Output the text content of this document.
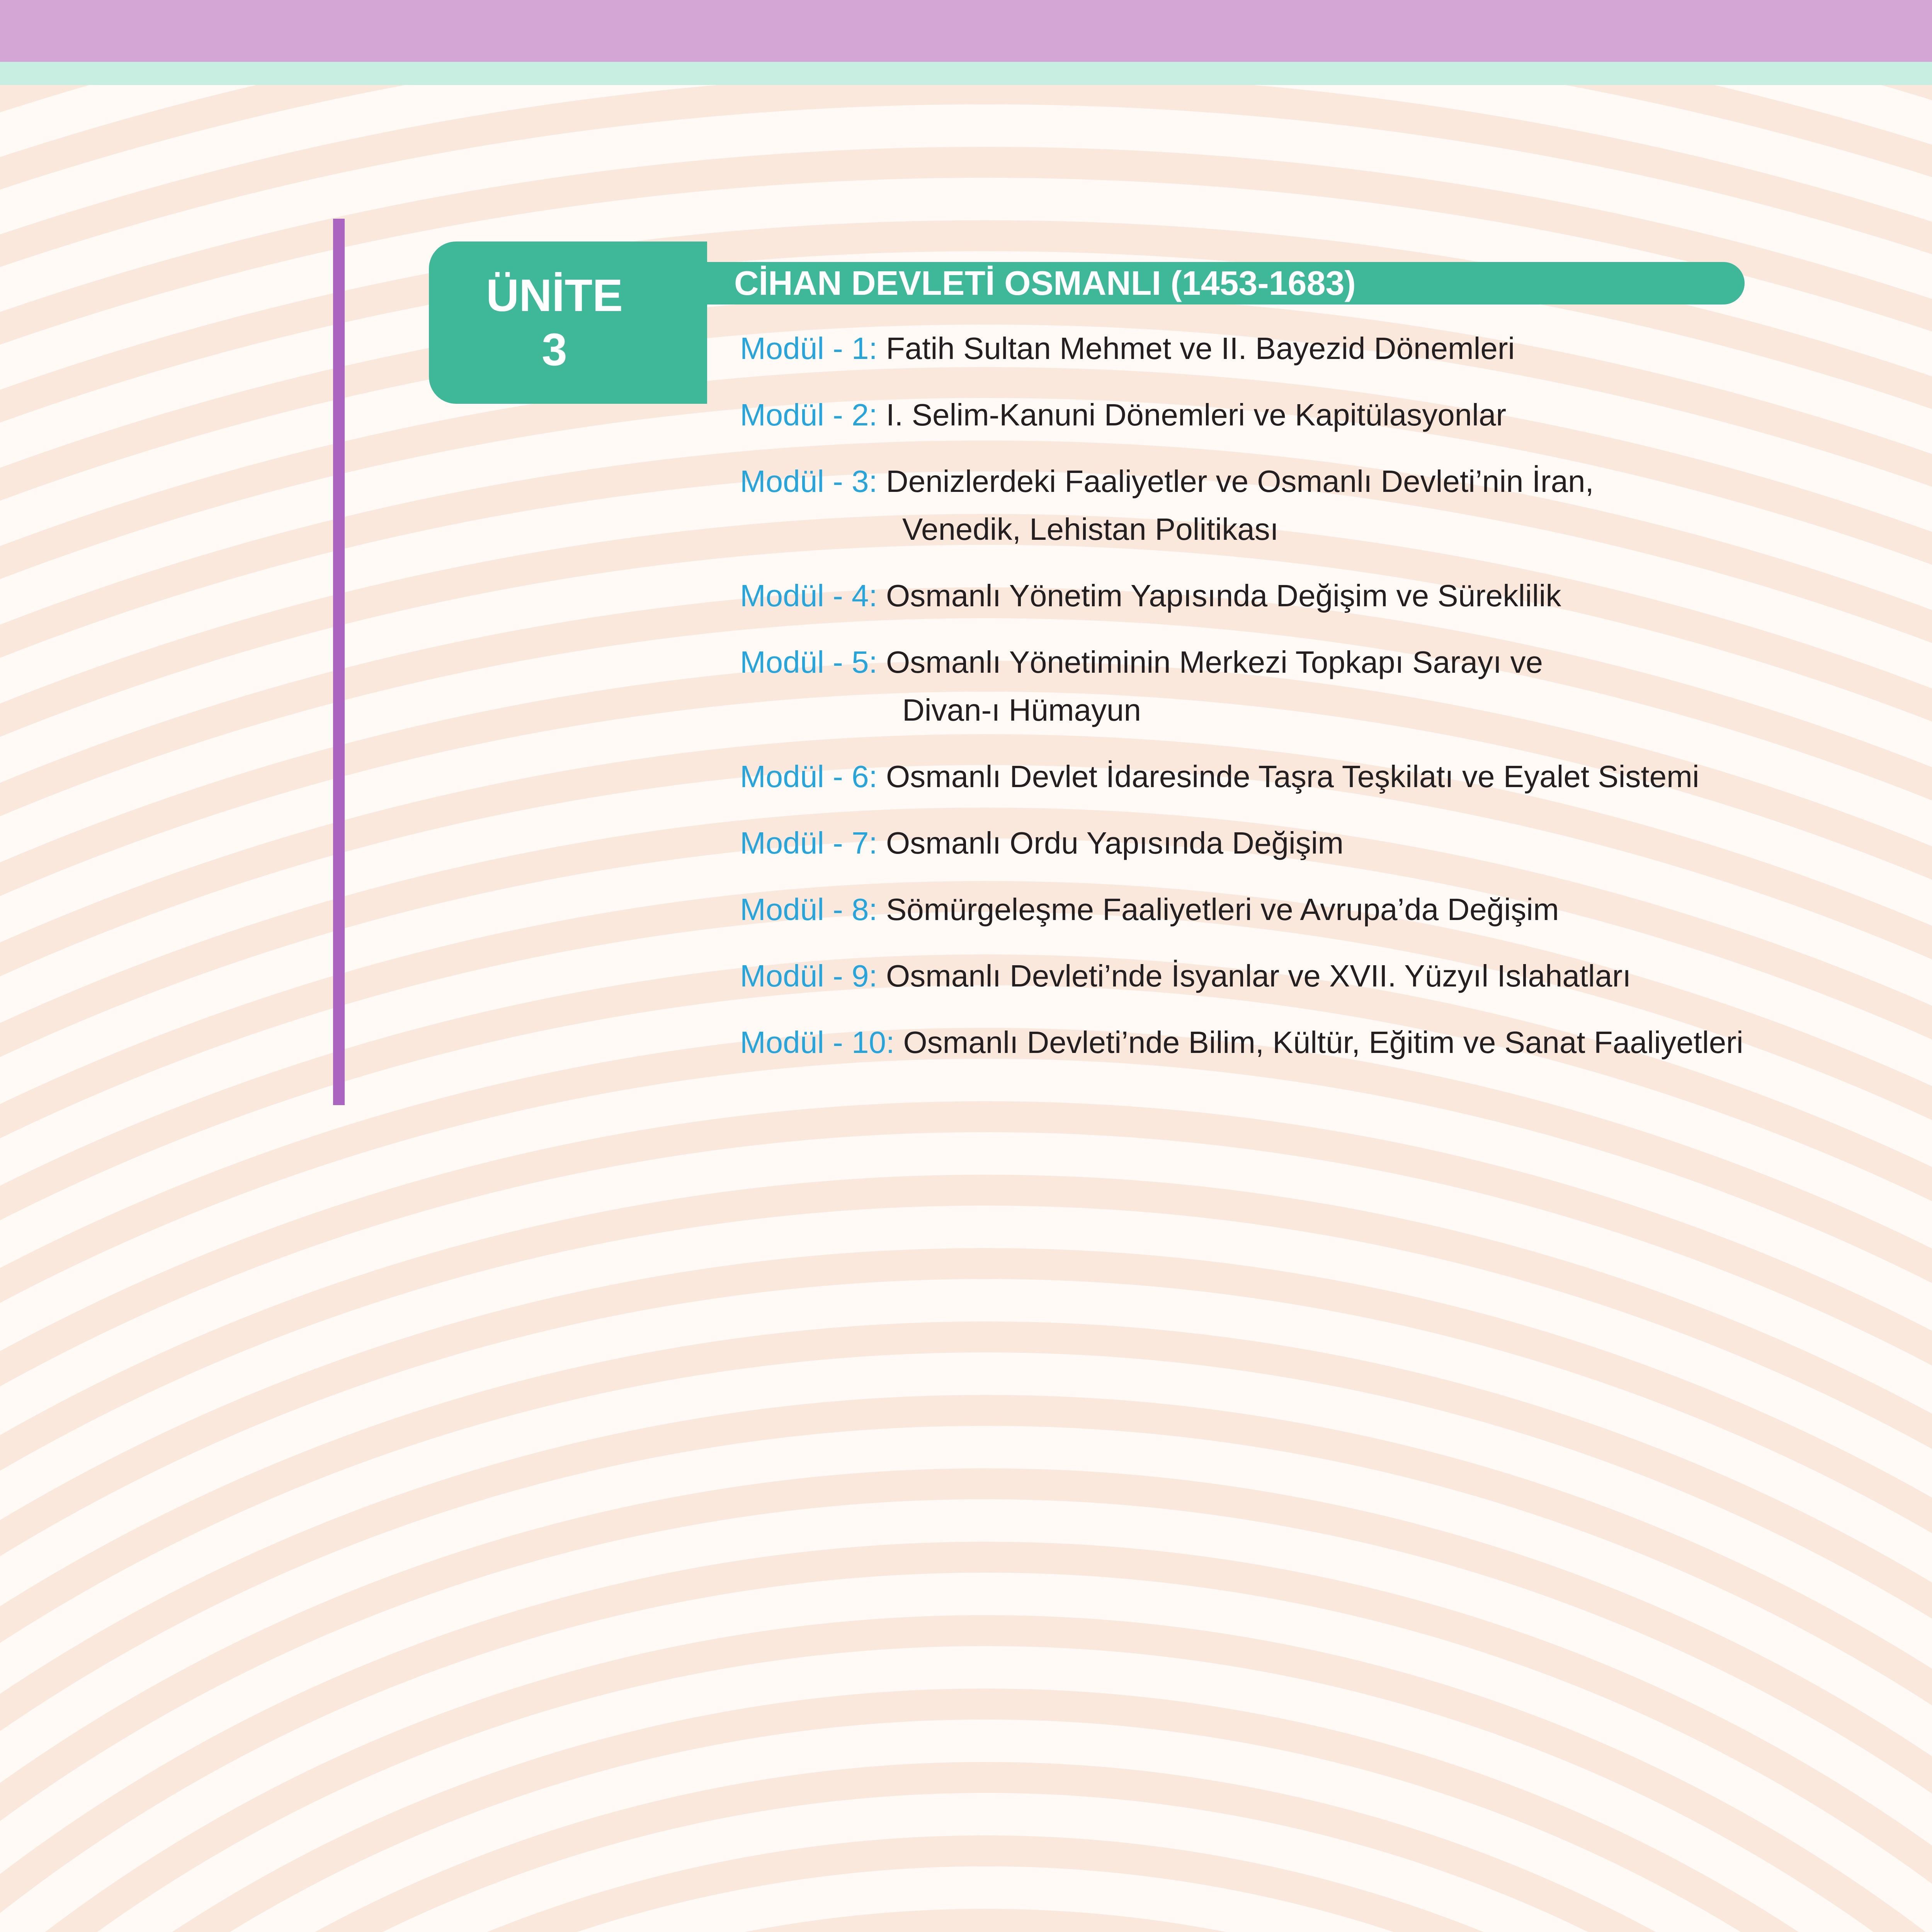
ÜNİTE
3
CİHAN DEVLETİ OSMANLI (1453-1683)
Modül - 1: Fatih Sultan Mehmet ve II. Bayezid Dönemleri
Modül - 2: I. Selim-Kanuni Dönemleri ve Kapitülasyonlar
Modül - 3: Denizlerdeki Faaliyetler ve Osmanlı Devleti’nin İran,
Venedik, Lehistan Politikası
Modül - 4: Osmanlı Yönetim Yapısında Değişim ve Süreklilik
Modül - 5: Osmanlı Yönetiminin Merkezi Topkapı Sarayı ve
Divan-ı Hümayun
Modül - 6: Osmanlı Devlet İdaresinde Taşra Teşkilatı ve Eyalet Sistemi
Modül - 7: Osmanlı Ordu Yapısında Değişim
Modül - 8: Sömürgeleşme Faaliyetleri ve Avrupa’da Değişim
Modül - 9: Osmanlı Devleti’nde İsyanlar ve XVII. Yüzyıl Islahatları
Modül - 10: Osmanlı Devleti’nde Bilim, Kültür, Eğitim ve Sanat Faaliyetleri
